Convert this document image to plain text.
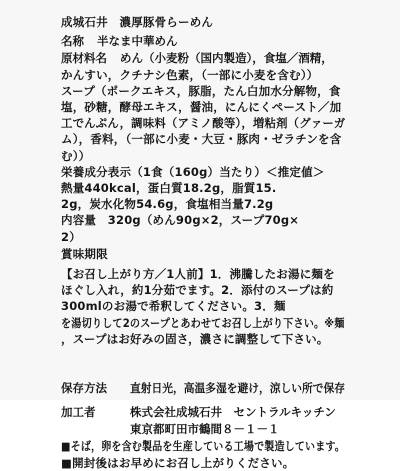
成城石井　濃厚豚骨らーめん
名称 半なま中華めん
原材料名 めん（小麦粉（国内製造），食塩／酒精，
かんすい，クチナシ色素，（一部に小麦を含む））
スープ（ポークエキス，豚脂，たん白加水分解物，食
塩，砂糖，酵母エキス，醤油，にんにくペースト／加
工でんぷん，調味料（アミノ酸等），増粘剤（グァーガ
ム），香料，（一部に小麦・大豆・豚肉・ゼラチンを含
む））
栄養成分表示（1食（160g）当たり）＜推定値＞
熱量440kcal，蛋白質18.2g，脂質15.
2g，炭水化物54.6g，食塩相当量7.2g
内容量　320g（めん90g×2，スープ70g×
2）
賞味期限
【お召し上がり方／1人前】1．沸騰したお湯に麺を
ほぐし入れ，約1分茹でます。2．添付のスープは約
300mlのお湯で希釈してください。3．麺
を湯切りして2のスープとあわせてお召し上がり下さい。※麺
，スープはお好みの固さ，濃さに調整して下さい。
保存方法 直射日光，高温多湿を避け，涼しい所で保存
加工者	株式会社成城石井　セントラルキッチン
東京都町田市鶴間８－１－１
■そば，卵を含む製品を生産している工場で製造しています。
■開封後はお早めにお召し上がりください。
